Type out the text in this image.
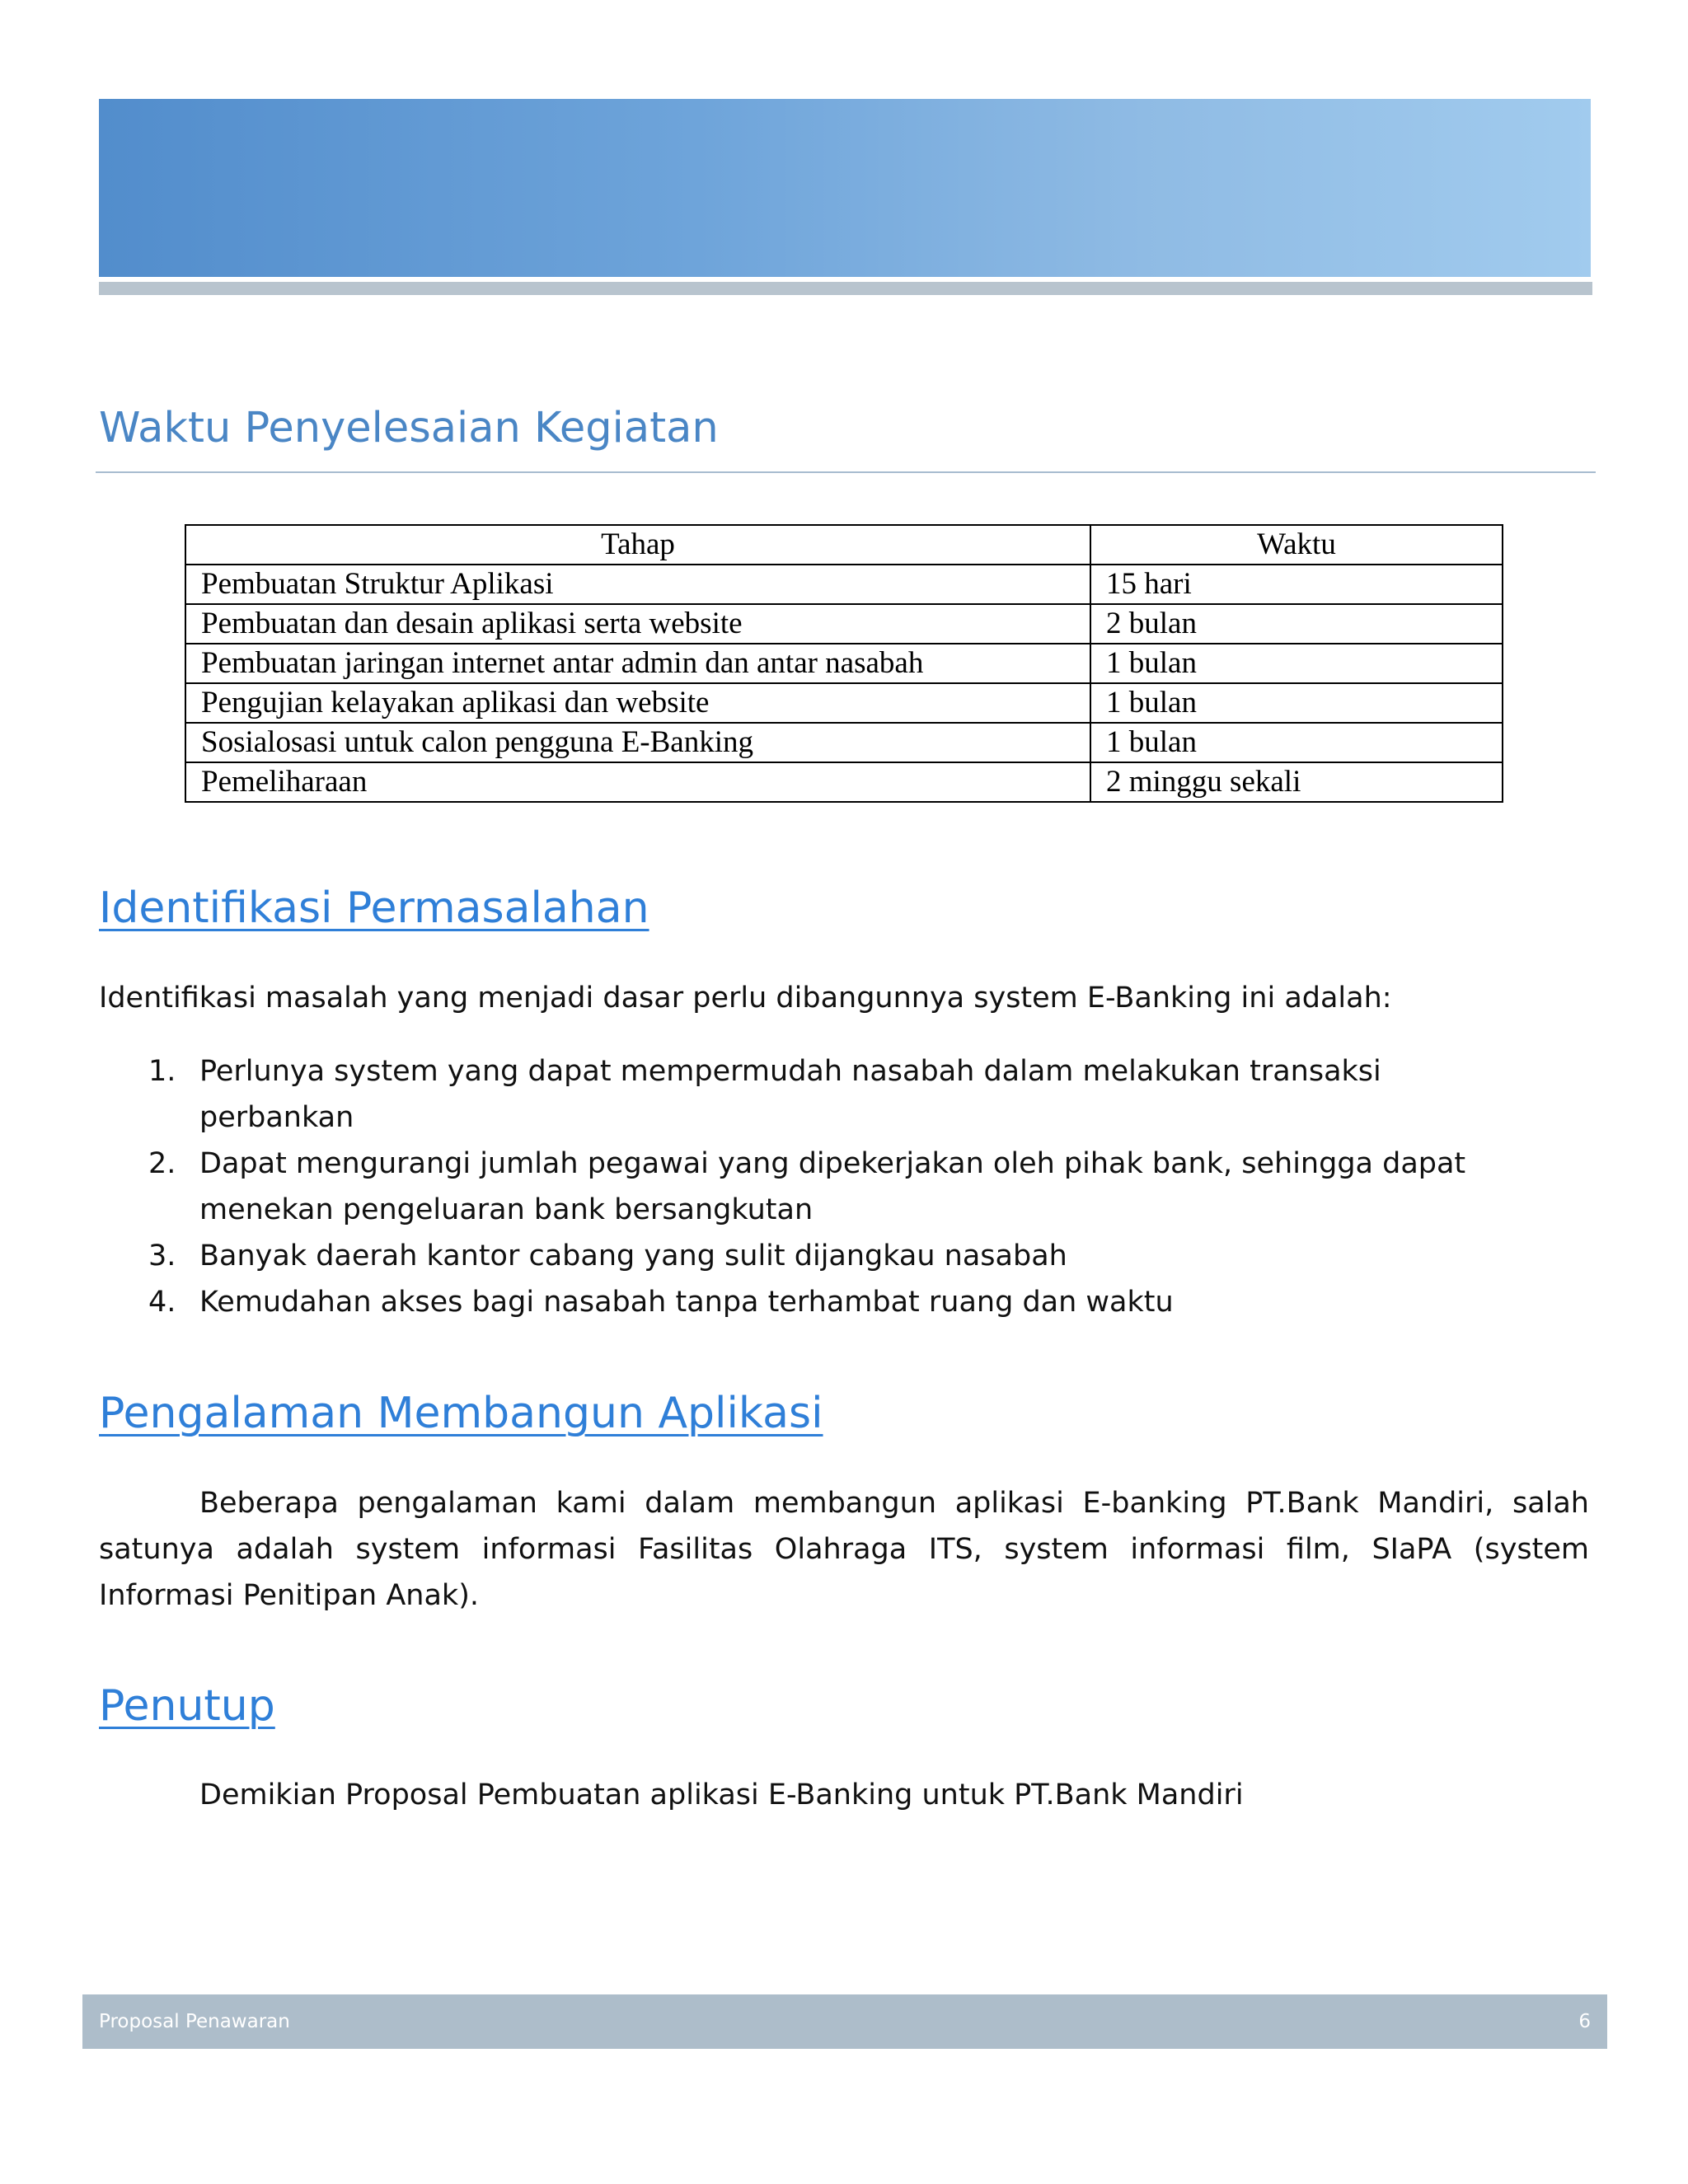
Waktu Penyelesaian Kegiatan
Tahap	Waktu
Pembuatan Struktur Aplikasi	15 hari
Pembuatan dan desain aplikasi serta website	2 bulan
Pembuatan jaringan internet antar admin dan antar nasabah	1 bulan
Pengujian kelayakan aplikasi dan website	1 bulan
Sosialosasi untuk calon pengguna E-Banking	1 bulan
Pemeliharaan	2 minggu sekali
Identifikasi Permasalahan

Identifikasi masalah yang menjadi dasar perlu dibangunnya system E-Banking ini adalah:

1. Perlunya system yang dapat mempermudah nasabah dalam melakukan transaksi perbankan
2. Dapat mengurangi jumlah pegawai yang dipekerjakan oleh pihak bank, sehingga dapat menekan pengeluaran bank bersangkutan
3. Banyak daerah kantor cabang yang sulit dijangkau nasabah
4. Kemudahan akses bagi nasabah tanpa terhambat ruang dan waktu
Pengalaman Membangun Aplikasi

Beberapa pengalaman kami dalam membangun aplikasi E-banking PT.Bank Mandiri, salah satunya adalah system informasi Fasilitas Olahraga ITS, system informasi film, SIaPA (system Informasi Penitipan Anak).

Penutup

Demikian Proposal Pembuatan aplikasi E-Banking untuk PT.Bank Mandiri

Proposal Penawaran	6
